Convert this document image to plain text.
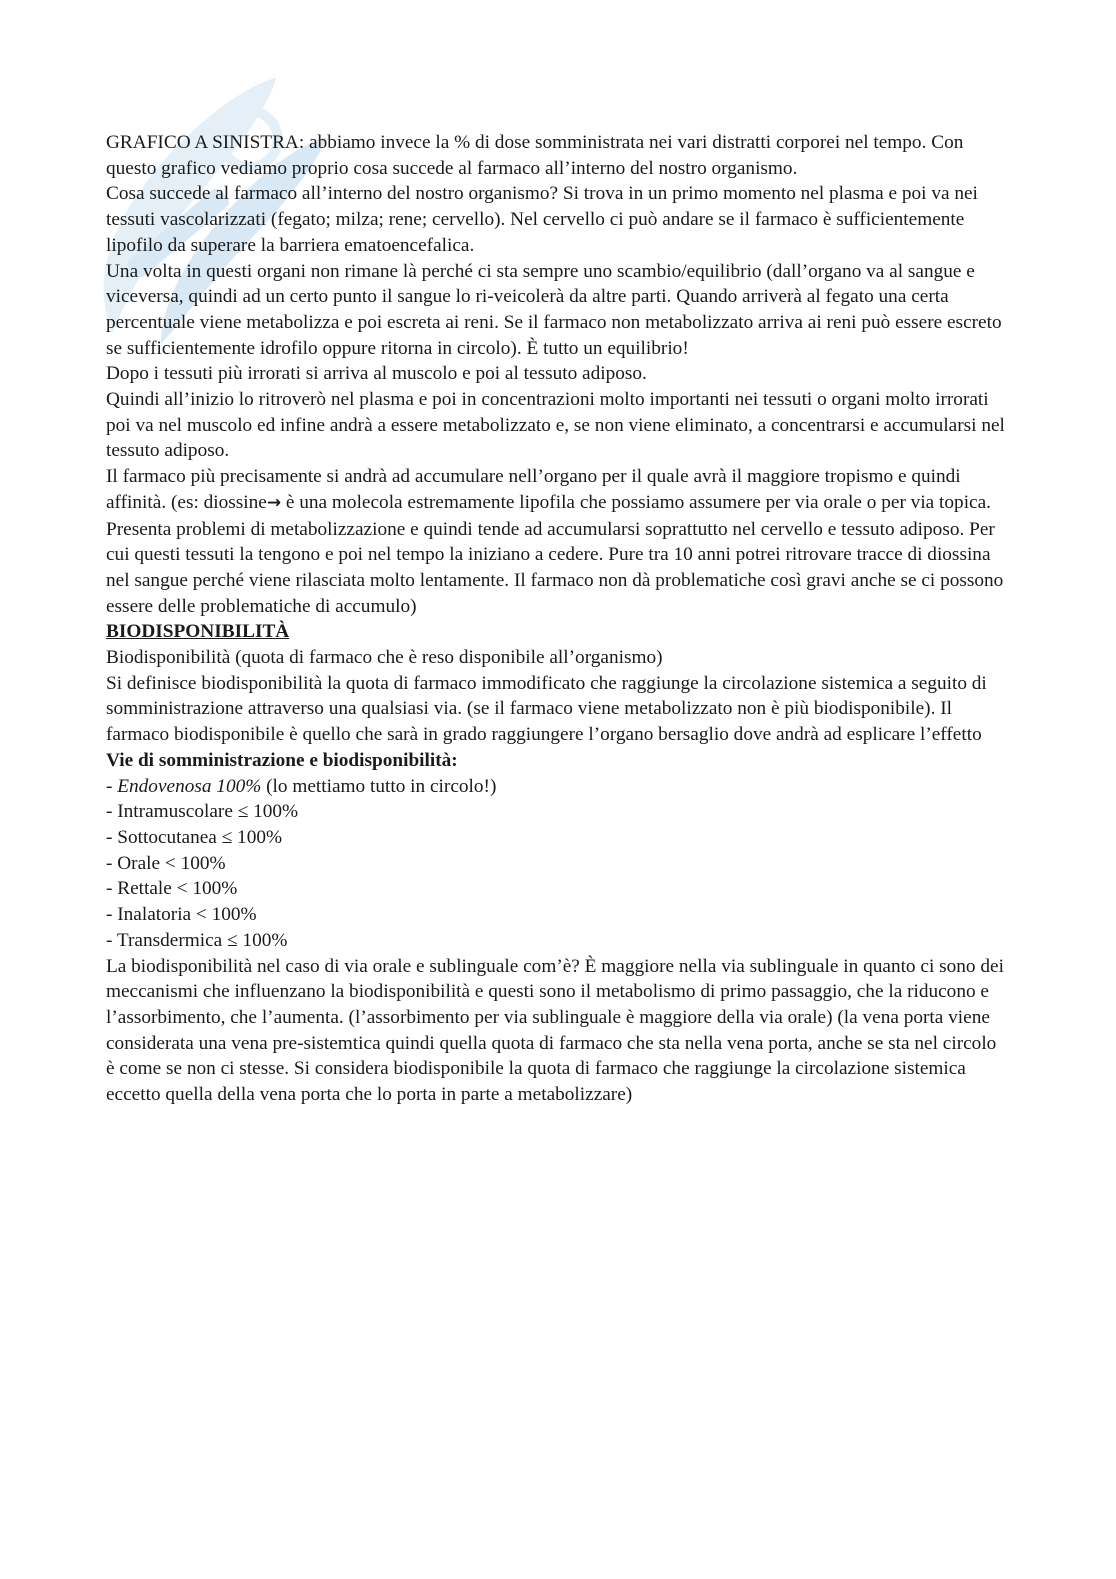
GRAFICO A SINISTRA: abbiamo invece la % di dose somministrata nei vari distratti corporei nel tempo. Con questo grafico vediamo proprio cosa succede al farmaco all’interno del nostro organismo.

Cosa succede al farmaco all’interno del nostro organismo? Si trova in un primo momento nel plasma e poi va nei tessuti vascolarizzati (fegato; milza; rene; cervello). Nel cervello ci può andare se il farmaco è sufficientemente lipofilo da superare la barriera ematoencefalica.

Una volta in questi organi non rimane là perché ci sta sempre uno scambio/equilibrio (dall’organo va al sangue e viceversa, quindi ad un certo punto il sangue lo ri-veicolerà da altre parti. Quando arriverà al fegato una certa percentuale viene metabolizza e poi escreta ai reni. Se il farmaco non metabolizzato arriva ai reni può essere escreto se sufficientemente idrofilo oppure ritorna in circolo). È tutto un equilibrio!

Dopo i tessuti più irrorati si arriva al muscolo e poi al tessuto adiposo.

Quindi all’inizio lo ritroverò nel plasma e poi in concentrazioni molto importanti nei tessuti o organi molto irrorati poi va nel muscolo ed infine andrà a essere metabolizzato e, se non viene eliminato, a concentrarsi e accumularsi nel tessuto adiposo.

Il farmaco più precisamente si andrà ad accumulare nell’organo per il quale avrà il maggiore tropismo e quindi affinità. (es: diossine→ è una molecola estremamente lipofila che possiamo assumere per via orale o per via topica. Presenta problemi di metabolizzazione e quindi tende ad accumularsi soprattutto nel cervello e tessuto adiposo. Per cui questi tessuti la tengono e poi nel tempo la iniziano a cedere. Pure tra 10 anni potrei ritrovare tracce di diossina nel sangue perché viene rilasciata molto lentamente. Il farmaco non dà problematiche così gravi anche se ci possono essere delle problematiche di accumulo)

BIODISPONIBILITÀ

Biodisponibilità (quota di farmaco che è reso disponibile all’organismo)

Si definisce biodisponibilità la quota di farmaco immodificato che raggiunge la circolazione sistemica a seguito di somministrazione attraverso una qualsiasi via. (se il farmaco viene metabolizzato non è più biodisponibile). Il farmaco biodisponibile è quello che sarà in grado raggiungere l’organo bersaglio dove andrà ad esplicare l’effetto

Vie di somministrazione e biodisponibilità:

- Endovenosa 100% (lo mettiamo tutto in circolo!)
- Intramuscolare ≤ 100%
- Sottocutanea ≤ 100%
- Orale < 100%
- Rettale < 100%
- Inalatoria < 100%
- Transdermica ≤ 100%

La biodisponibilità nel caso di via orale e sublinguale com’è? È maggiore nella via sublinguale in quanto ci sono dei meccanismi che influenzano la biodisponibilità e questi sono il metabolismo di primo passaggio, che la riducono e l’assorbimento, che l’aumenta. (l’assorbimento per via sublinguale è maggiore della via orale) (la vena porta viene considerata una vena pre-sistemtica quindi quella quota di farmaco che sta nella vena porta, anche se sta nel circolo è come se non ci stesse. Si considera biodisponibile la quota di farmaco che raggiunge la circolazione sistemica eccetto quella della vena porta che lo porta in parte a metabolizzare)
